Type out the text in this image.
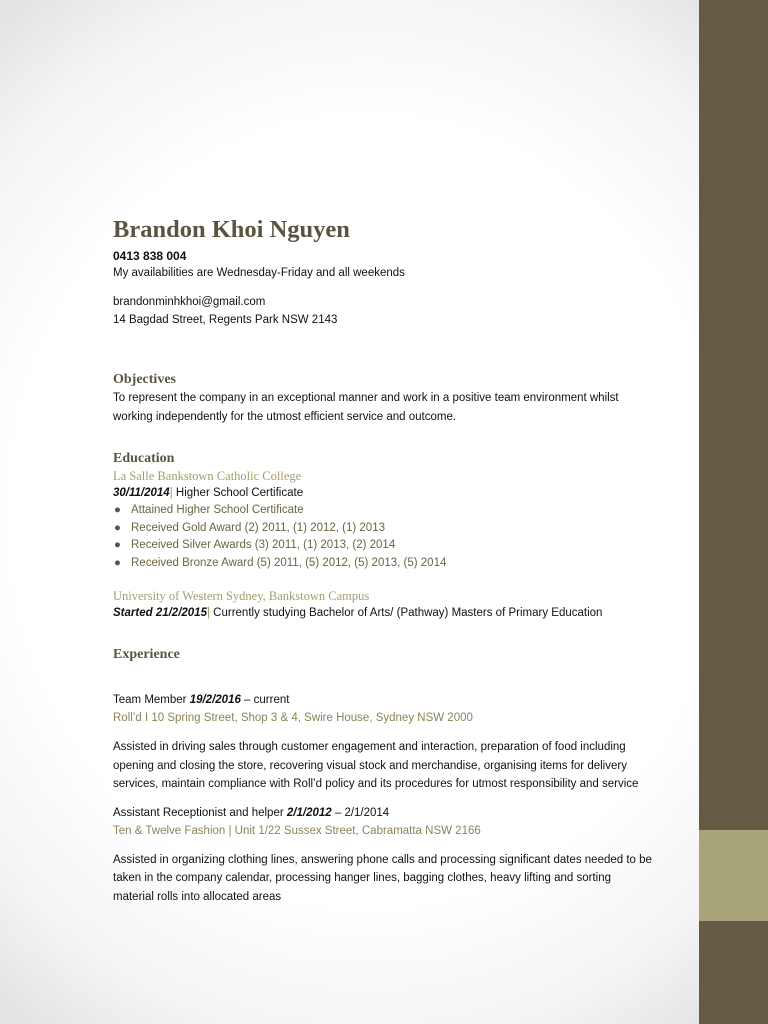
Brandon Khoi Nguyen
0413 838 004
My availabilities are Wednesday-Friday and all weekends
brandonminhkhoi@gmail.com
14 Bagdad Street, Regents Park NSW 2143
Objectives
To represent the company in an exceptional manner and work in a positive team environment whilst
working independently for the utmost efficient service and outcome.
Education
La Salle Bankstown Catholic College
30/11/2014| Higher School Certificate
● Attained Higher School Certificate
● Received Gold Award (2) 2011, (1) 2012, (1) 2013
● Received Silver Awards (3) 2011, (1) 2013, (2) 2014
● Received Bronze Award (5) 2011, (5) 2012, (5) 2013, (5) 2014
University of Western Sydney, Bankstown Campus
Started 21/2/2015| Currently studying Bachelor of Arts/ (Pathway) Masters of Primary Education
Experience
Team Member 19/2/2016 – current
Roll’d I 10 Spring Street, Shop 3 & 4, Swire House, Sydney NSW 2000
Assisted in driving sales through customer engagement and interaction, preparation of food including
opening and closing the store, recovering visual stock and merchandise, organising items for delivery
services, maintain compliance with Roll’d policy and its procedures for utmost responsibility and service
Assistant Receptionist and helper 2/1/2012 – 2/1/2014
Ten & Twelve Fashion | Unit 1/22 Sussex Street, Cabramatta NSW 2166
Assisted in organizing clothing lines, answering phone calls and processing significant dates needed to be
taken in the company calendar, processing hanger lines, bagging clothes, heavy lifting and sorting
material rolls into allocated areas
